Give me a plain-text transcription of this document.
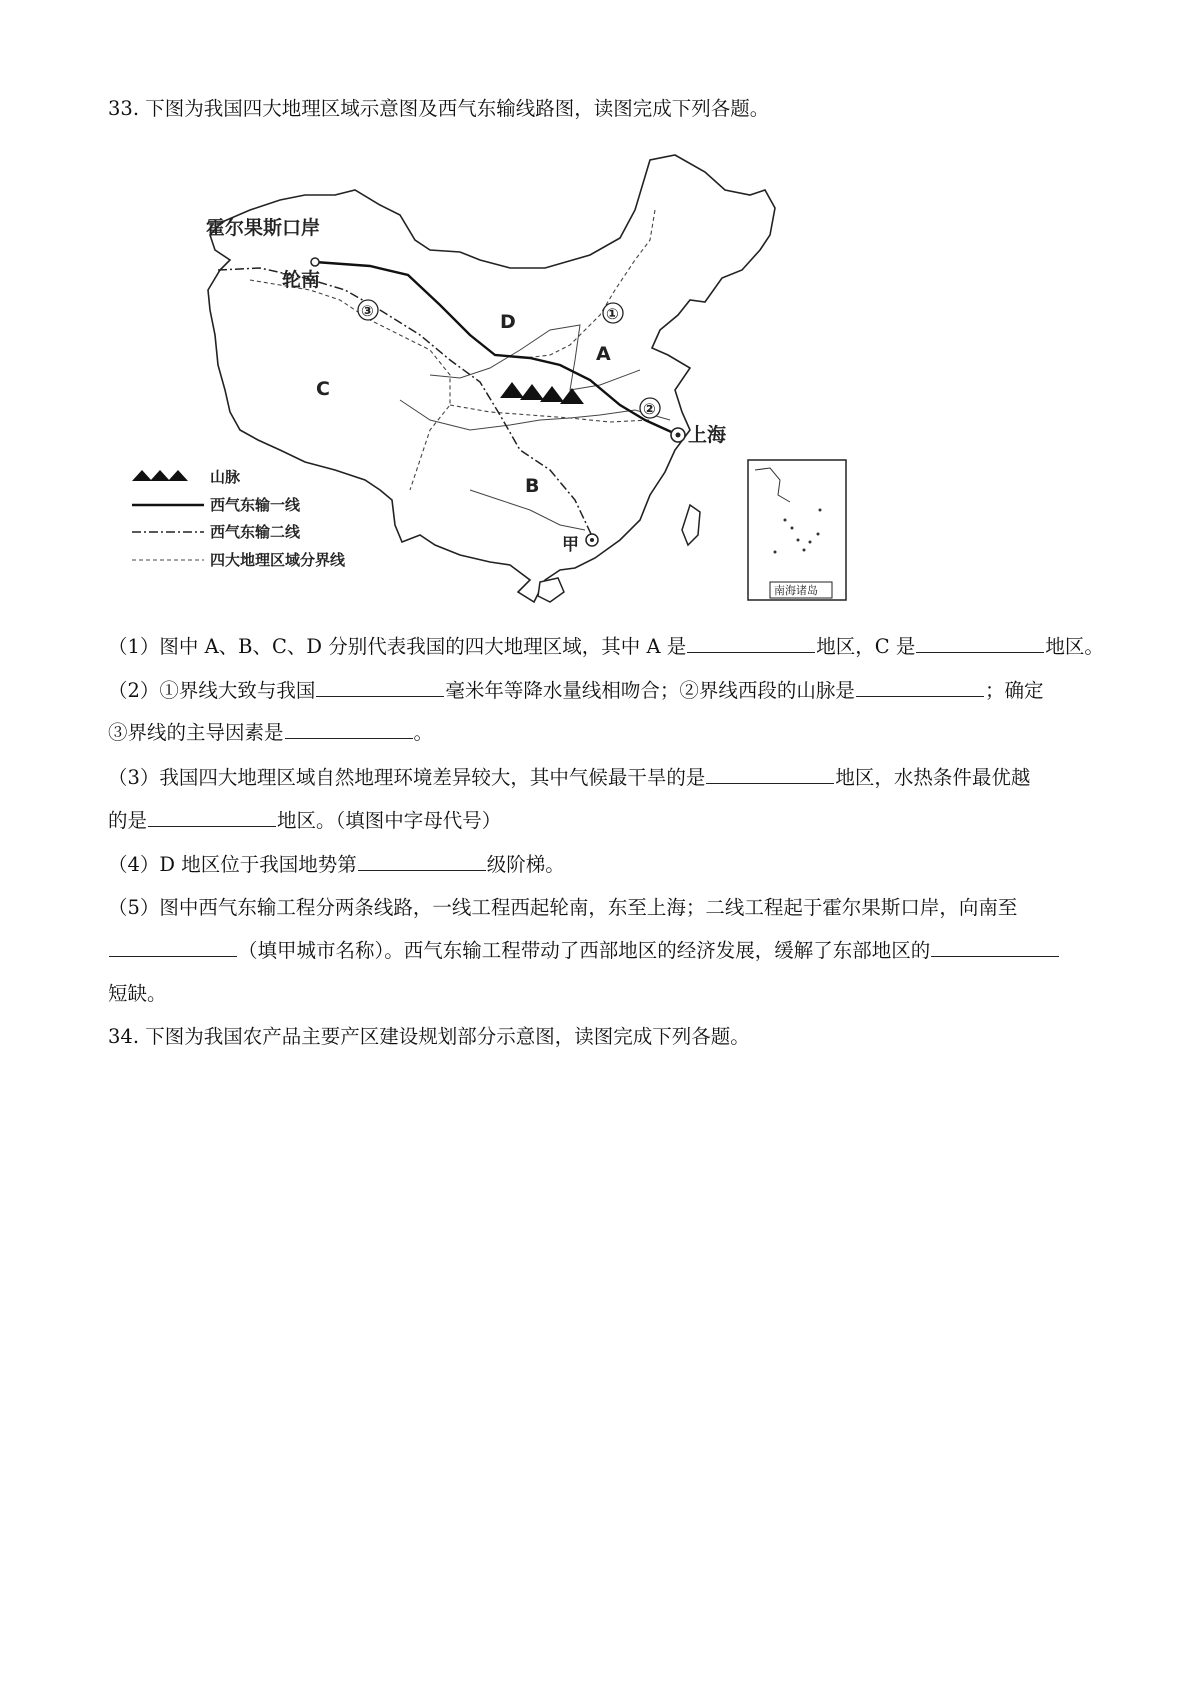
33. 下图为我国四大地理区域示意图及西气东输线路图，读图完成下列各题。
霍尔果斯口岸
轮南
上海
甲
A
B
C
D	①
②
③
南海诸岛
山脉
西气东输一线
西气东输二线
四大地理区域分界线
（1）图中 A、B、C、D 分别代表我国的四大地理区域，其中 A 是	地区，C 是	地区。
（2）①界线大致与我国	毫米年等降水量线相吻合；②界线西段的山脉是	；确定
③界线的主导因素是	。
（3）我国四大地理区域自然地理环境差异较大，其中气候最干旱的是	地区，水热条件最优越
的是	地区。（填图中字母代号）
（4）D 地区位于我国地势第	级阶梯。
（5）图中西气东输工程分两条线路，一线工程西起轮南，东至上海；二线工程起于霍尔果斯口岸，向南至
（填甲城市名称）。西气东输工程带动了西部地区的经济发展，缓解了东部地区的
短缺。
34. 下图为我国农产品主要产区建设规划部分示意图，读图完成下列各题。
